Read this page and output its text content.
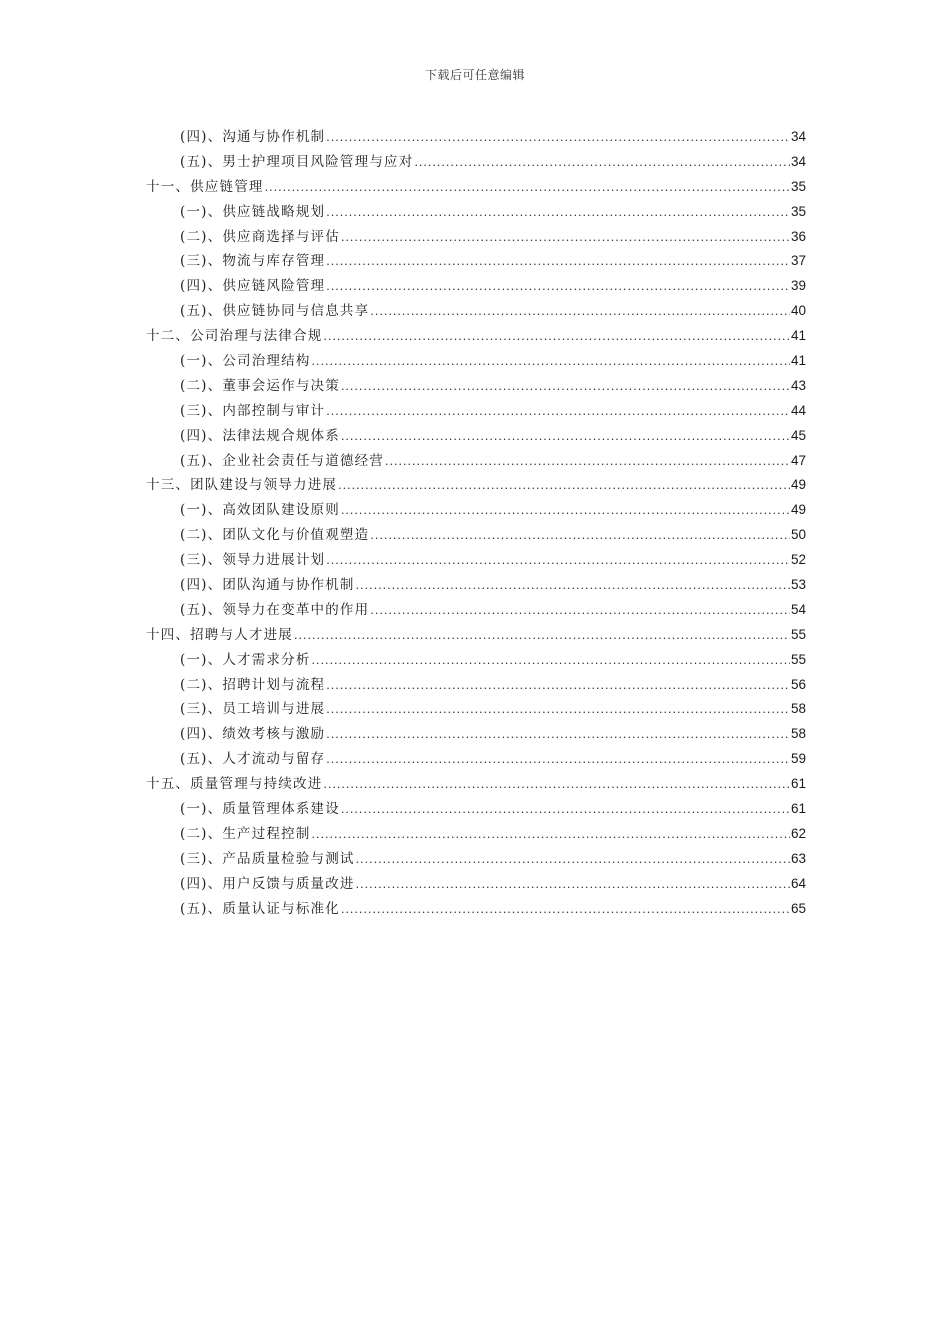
下载后可任意编辑
(四)、沟通与协作机制 .....	34
(五)、男士护理项目风险管理与应对 .....	34
十一、供应链管理 .....	35
(一)、供应链战略规划 .....	35
(二)、供应商选择与评估 .....	36
(三)、物流与库存管理 .....	37
(四)、供应链风险管理 .....	39
(五)、供应链协同与信息共享 .....	40
十二、公司治理与法律合规 .....	41
(一)、公司治理结构 .....	41
(二)、董事会运作与决策 .....	43
(三)、内部控制与审计 .....	44
(四)、法律法规合规体系 .....	45
(五)、企业社会责任与道德经营 .....	47
十三、团队建设与领导力进展 .....	49
(一)、高效团队建设原则 .....	49
(二)、团队文化与价值观塑造 .....	50
(三)、领导力进展计划 .....	52
(四)、团队沟通与协作机制 .....	53
(五)、领导力在变革中的作用 .....	54
十四、招聘与人才进展 .....	55
(一)、人才需求分析 .....	55
(二)、招聘计划与流程 .....	56
(三)、员工培训与进展 .....	58
(四)、绩效考核与激励 .....	58
(五)、人才流动与留存 .....	59
十五、质量管理与持续改进 .....	61
(一)、质量管理体系建设 .....	61
(二)、生产过程控制 .....	62
(三)、产品质量检验与测试 .....	63
(四)、用户反馈与质量改进 .....	64
(五)、质量认证与标准化 .....	65
